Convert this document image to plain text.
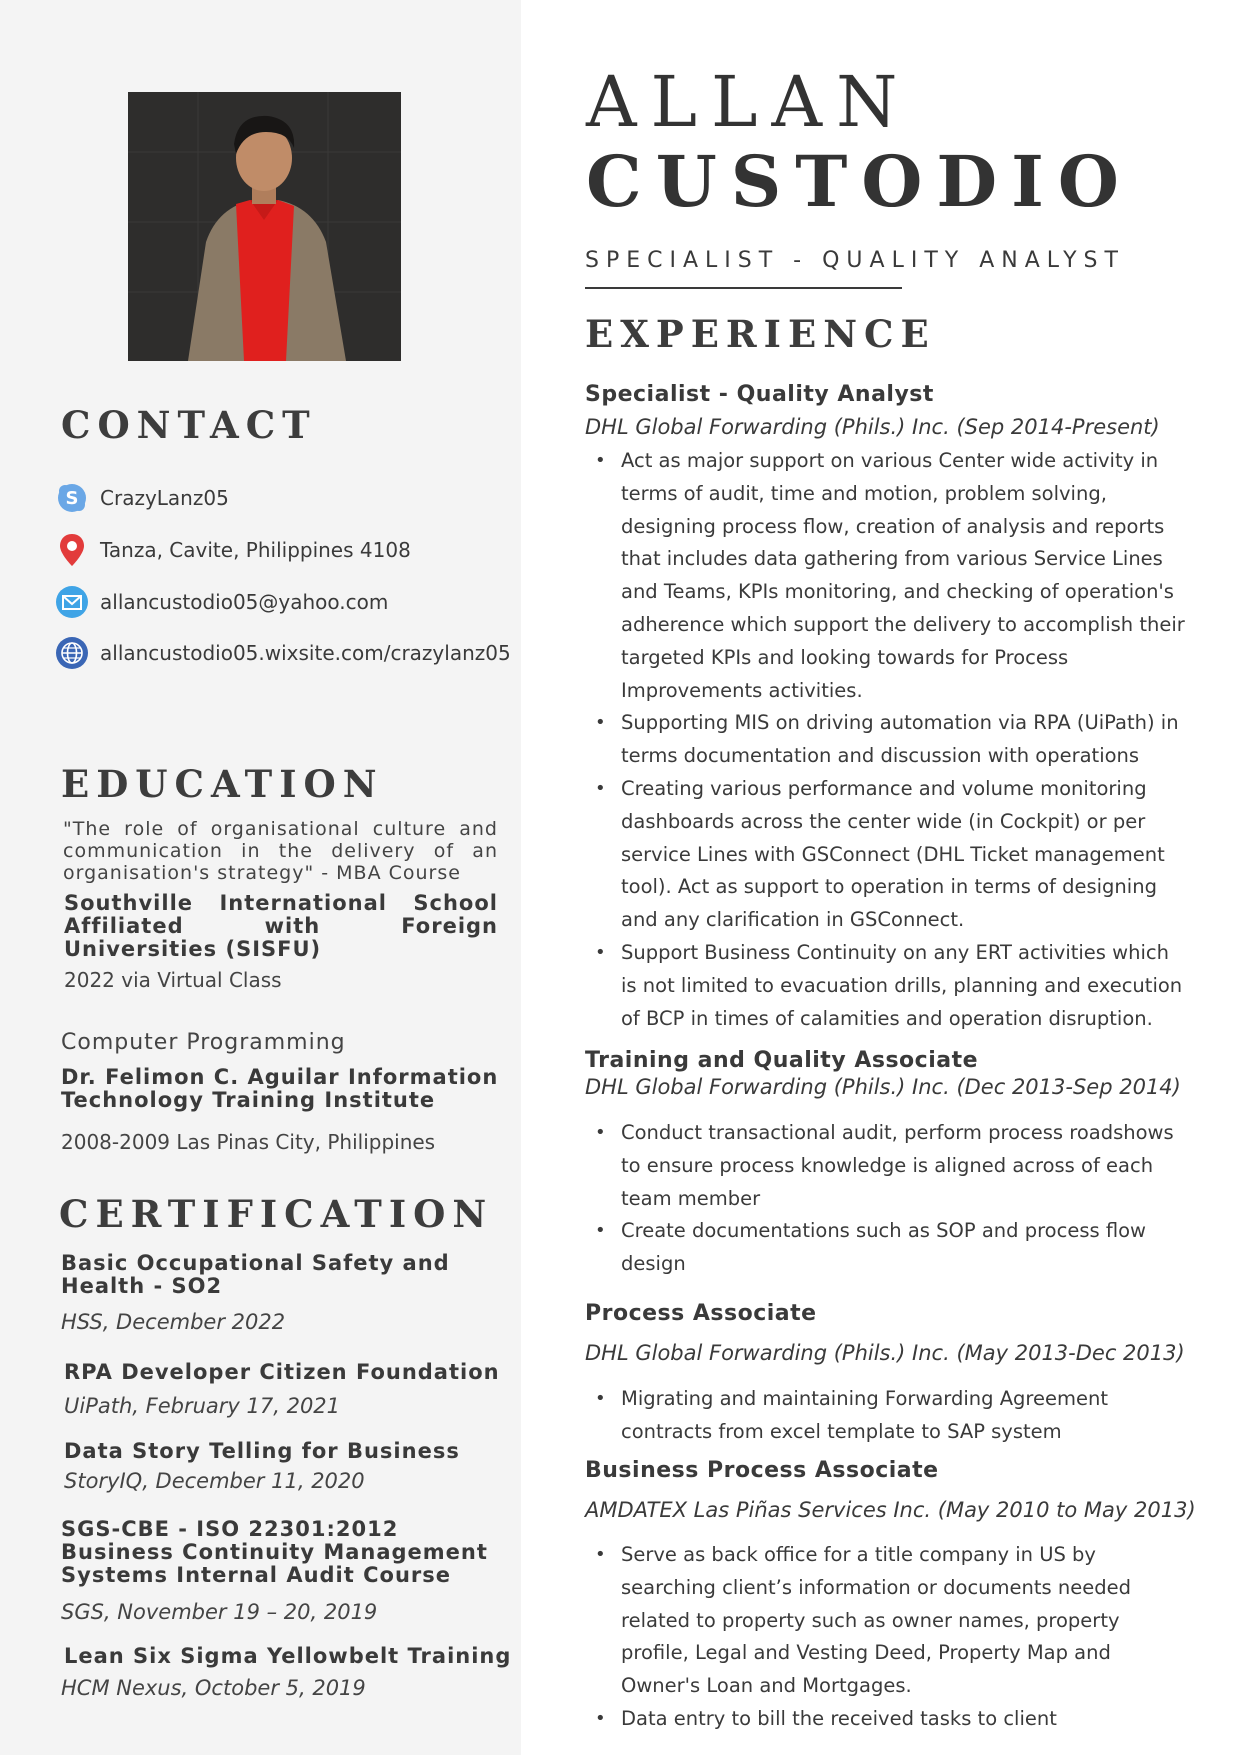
CONTACT
S CrazyLanz05
Tanza, Cavite, Philippines 4108
allancustodio05@yahoo.com
allancustodio05.wixsite.com/crazylanz05
EDUCATION
"The role of organisational culture and communication in the delivery of an organisation's strategy" - MBA Course
Southville International School Affiliated with Foreign Universities (SISFU)
2022 via Virtual Class
Computer Programming
Dr. Felimon C. Aguilar Information Technology Training Institute
2008-2009 Las Pinas City, Philippines
CERTIFICATION
Basic Occupational Safety and Health - SO2
HSS, December 2022
RPA Developer Citizen Foundation
UiPath, February 17, 2021
Data Story Telling for Business
StoryIQ, December 11, 2020
SGS-CBE - ISO 22301:2012 Business Continuity Management Systems Internal Audit Course
SGS, November 19 – 20, 2019
Lean Six Sigma Yellowbelt Training
HCM Nexus, October 5, 2019
ALLAN
CUSTODIO
SPECIALIST - QUALITY ANALYST
EXPERIENCE
Specialist - Quality Analyst
DHL Global Forwarding (Phils.) Inc. (Sep 2014-Present)
• Act as major support on various Center wide activity in terms of audit, time and motion, problem solving, designing process flow, creation of analysis and reports that includes data gathering from various Service Lines and Teams, KPIs monitoring, and checking of operation's adherence which support the delivery to accomplish their targeted KPIs and looking towards for Process Improvements activities.
• Supporting MIS on driving automation via RPA (UiPath) in terms documentation and discussion with operations
• Creating various performance and volume monitoring dashboards across the center wide (in Cockpit) or per service Lines with GSConnect (DHL Ticket management tool). Act as support to operation in terms of designing and any clarification in GSConnect.
• Support Business Continuity on any ERT activities which is not limited to evacuation drills, planning and execution of BCP in times of calamities and operation disruption.
Training and Quality Associate
DHL Global Forwarding (Phils.) Inc. (Dec 2013-Sep 2014)
• Conduct transactional audit, perform process roadshows to ensure process knowledge is aligned across of each team member
• Create documentations such as SOP and process flow design
Process Associate
DHL Global Forwarding (Phils.) Inc. (May 2013-Dec 2013)
• Migrating and maintaining Forwarding Agreement contracts from excel template to SAP system
Business Process Associate
AMDATEX Las Piñas Services Inc. (May 2010 to May 2013)
• Serve as back office for a title company in US by searching client’s information or documents needed related to property such as owner names, property profile, Legal and Vesting Deed, Property Map and Owner's Loan and Mortgages.
• Data entry to bill the received tasks to client
